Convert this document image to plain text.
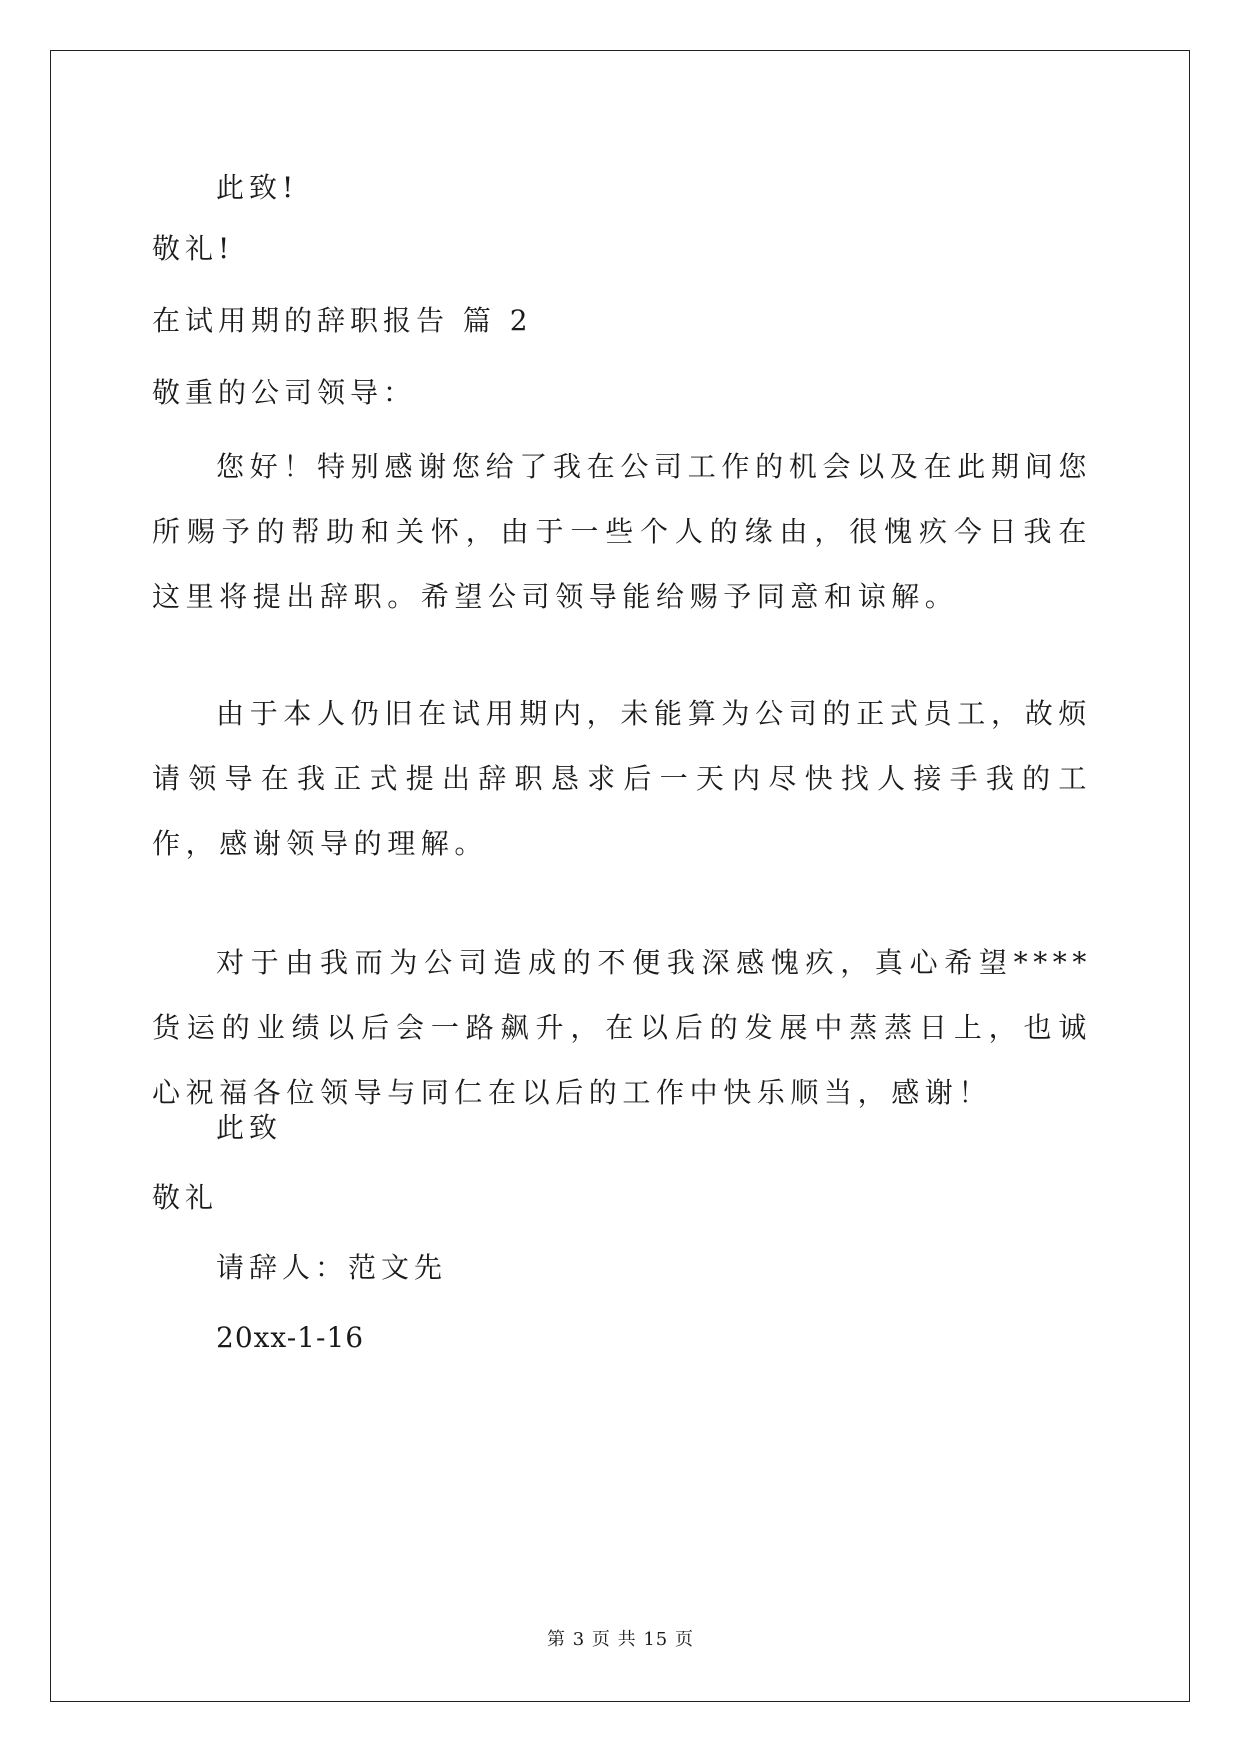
此致!
敬礼!
在试用期的辞职报告 篇 2
敬重的公司领导：
您好！特别感谢您给了我在公司工作的机会以及在此期间您所赐予的帮助和关怀，由于一些个人的缘由，很愧疚今日我在这里将提出辞职。希望公司领导能给赐予同意和谅解。
由于本人仍旧在试用期内，未能算为公司的正式员工，故烦请领导在我正式提出辞职恳求后一天内尽快找人接手我的工作，感谢领导的理解。
对于由我而为公司造成的不便我深感愧疚，真心希望****货运的业绩以后会一路飙升，在以后的发展中蒸蒸日上，也诚心祝福各位领导与同仁在以后的工作中快乐顺当，感谢！
此致
敬礼
请辞人：范文先
20xx-1-16
第 3 页 共 15 页
